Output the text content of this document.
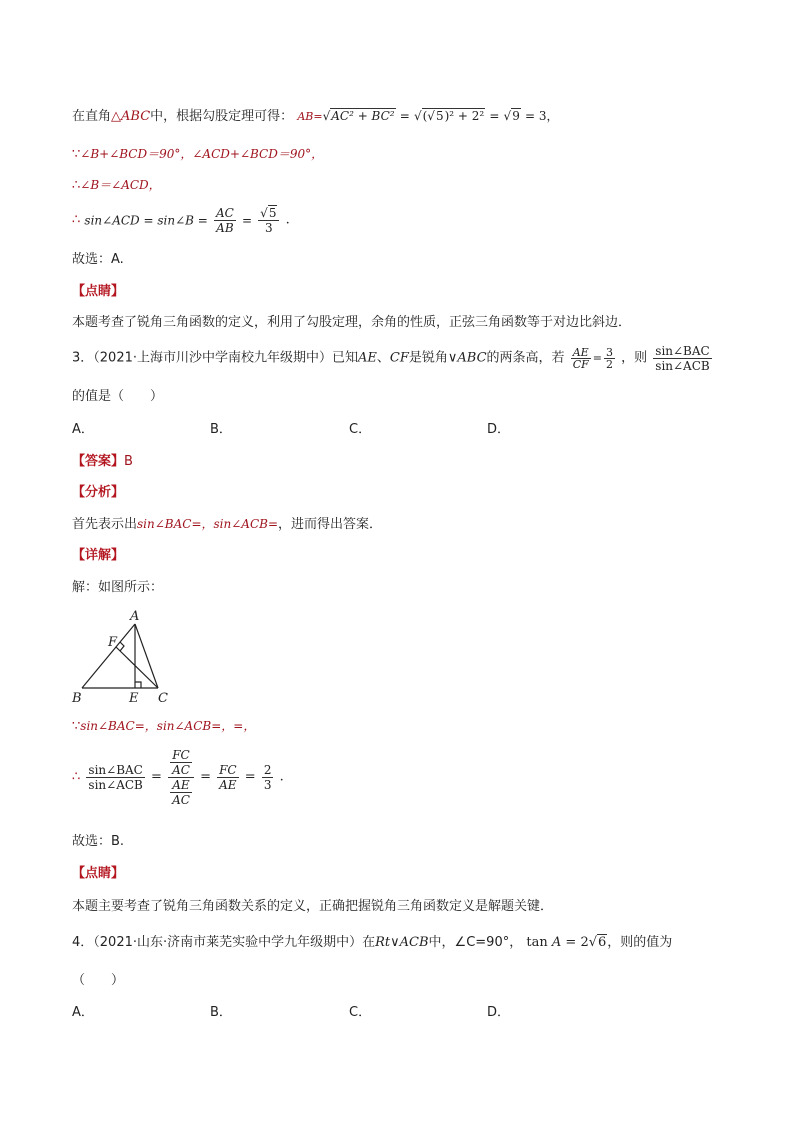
在直角△ABC中，根据勾股定理可得： AB=√AC² + BC² = √(√5)² + 2² = √9 = 3，
∵∠B+∠BCD＝90°，∠ACD+∠BCD＝90°，
∴∠B＝∠ACD，
∴ sin∠ACD = sin∠B = $\frac{AC}{AB} = \frac{√5}{3}$ .
故选：A.
【点睛】
本题考查了锐角三角函数的定义，利用了勾股定理，余角的性质，正弦三角函数等于对边比斜边．
3．（2021·上海市川沙中学南校九年级期中）已知AE、CF是锐角∨ABC的两条高，若 $\frac{AE}{CF} = \frac{3}{2}$ ，则 $\frac{\text{sin∠BAC}}{\text{sin∠ACB}}$
的值是（　　）
A．	B．	C．	D．
【答案】B
【分析】
首先表示出sin∠BAC=，sin∠ACB=，进而得出答案．
【详解】
解：如图所示：
A
F
B	E C
∵sin∠BAC=，sin∠ACB=，=，
∴ $\frac{\text{sin∠BAC}}{\text{sin∠ACB}} = \frac{\frac{FC}{AC}}{\frac{AE}{AC}} = \frac{FC}{AE} = \frac{2}{3}$ .
故选：B.
【点睛】
本题主要考查了锐角三角函数关系的定义，正确把握锐角三角函数定义是解题关键．
4．（2021·山东·济南市莱芜实验中学九年级期中）在Rt∨ACB中，∠C=90°， tan A = 2√6，则的值为
（　　）
A．	B．	C．	D．
